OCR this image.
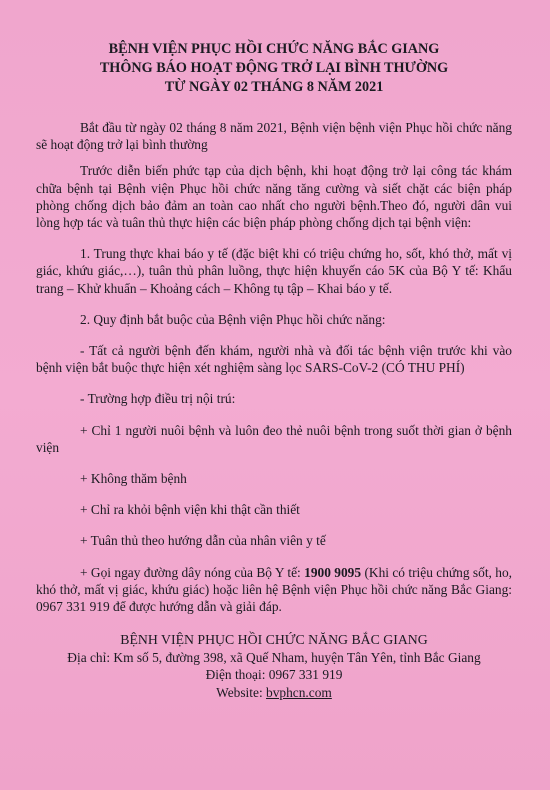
BỆNH VIỆN PHỤC HỒI CHỨC NĂNG BẮC GIANG
THÔNG BÁO HOẠT ĐỘNG TRỞ LẠI BÌNH THƯỜNG
TỪ NGÀY 02 THÁNG 8 NĂM 2021

Bắt đầu từ ngày 02 tháng 8 năm 2021, Bệnh viện bệnh viện Phục hồi chức năng sẽ hoạt động trở lại bình thường

Trước diễn biến phức tạp của dịch bệnh, khi hoạt động trở lại công tác khám chữa bệnh tại Bệnh viện Phục hồi chức năng tăng cường và siết chặt các biện pháp phòng chống dịch bảo đảm an toàn cao nhất cho người bệnh.Theo đó, người dân vui lòng hợp tác và tuân thủ thực hiện các biện pháp phòng chống dịch tại bệnh viện:

1. Trung thực khai báo y tế (đặc biệt khi có triệu chứng ho, sốt, khó thở, mất vị giác, khứu giác,…), tuân thủ phân luồng, thực hiện khuyến cáo 5K của Bộ Y tế: Khẩu trang – Khử khuẩn – Khoảng cách – Không tụ tập – Khai báo y tế.

2. Quy định bắt buộc của Bệnh viện Phục hồi chức năng:

- Tất cả người bệnh đến khám, người nhà và đối tác bệnh viện trước khi vào bệnh viện bắt buộc thực hiện xét nghiệm sàng lọc SARS-CoV-2 (CÓ THU PHÍ)

- Trường hợp điều trị nội trú:

+ Chỉ 1 người nuôi bệnh và luôn đeo thẻ nuôi bệnh trong suốt thời gian ở bệnh viện

+ Không thăm bệnh

+ Chỉ ra khỏi bệnh viện khi thật cần thiết

+ Tuân thủ theo hướng dẫn của nhân viên y tế

+ Gọi ngay đường dây nóng của Bộ Y tế: 1900 9095 (Khi có triệu chứng sốt, ho, khó thở, mất vị giác, khứu giác) hoặc liên hệ Bệnh viện Phục hồi chức năng Bắc Giang: 0967 331 919 để được hướng dẫn và giải đáp.

BỆNH VIỆN PHỤC HỒI CHỨC NĂNG BẮC GIANG
Địa chỉ: Km số 5, đường 398, xã Quế Nham, huyện Tân Yên, tỉnh Bắc Giang
Điện thoại: 0967 331 919
Website: bvphcn.com
